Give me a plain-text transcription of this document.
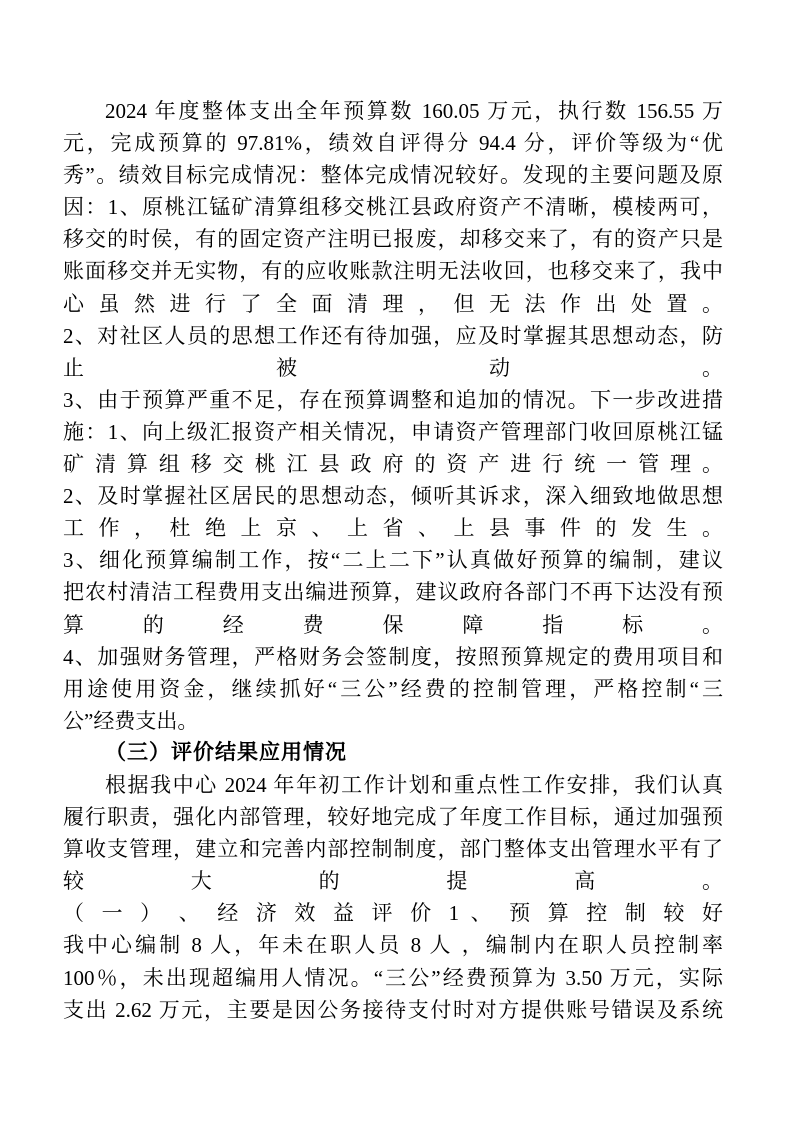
2024 年度整体支出全年预算数 160.05 万元，执行数 156.55 万
元，完成预算的 97.81%，绩效自评得分 94.4 分，评价等级为“优
秀”。绩效目标完成情况：整体完成情况较好。发现的主要问题及原
因：1、原桃江锰矿清算组移交桃江县政府资产不清晰，模棱两可，
移交的时侯，有的固定资产注明已报废，却移交来了，有的资产只是
账面移交并无实物，有的应收账款注明无法收回，也移交来了，我中
心 虽 然 进 行 了 全 面 清 理 ， 但 无 法 作 出 处 置 。
2、对社区人员的思想工作还有待加强，应及时掌握其思想动态，防
止 被 动 。
3、由于预算严重不足，存在预算调整和追加的情况。下一步改进措
施：1、向上级汇报资产相关情况，申请资产管理部门收回原桃江锰
矿 清 算 组 移 交 桃 江 县 政 府 的 资 产 进 行 统 一 管 理 。
2、及时掌握社区居民的思想动态，倾听其诉求，深入细致地做思想
工 作 ， 杜 绝 上 京 、 上 省 、 上 县 事 件 的 发 生 。
3、细化预算编制工作，按“二上二下”认真做好预算的编制，建议
把农村清洁工程费用支出编进预算，建议政府各部门不再下达没有预
算 的 经 费 保 障 指 标 。
4、加强财务管理，严格财务会签制度，按照预算规定的费用项目和
用途使用资金，继续抓好“三公”经费的控制管理，严格控制“三
公”经费支出。
（三）评价结果应用情况
根据我中心 2024 年年初工作计划和重点性工作安排，我们认真
履行职责，强化内部管理，较好地完成了年度工作目标，通过加强预
算收支管理，建立和完善内部控制制度，部门整体支出管理水平有了
较 大 的 提 高 。
（ 一 ） 、 经 济 效 益 评 价 1 、 预 算 控 制 较 好
我中心编制 8 人，年未在职人员 8 人 ，编制内在职人员控制率
100％，未出现超编用人情况。“三公”经费预算为 3.50 万元，实际
支出 2.62 万元，主要是因公务接待支付时对方提供账号错误及系统
